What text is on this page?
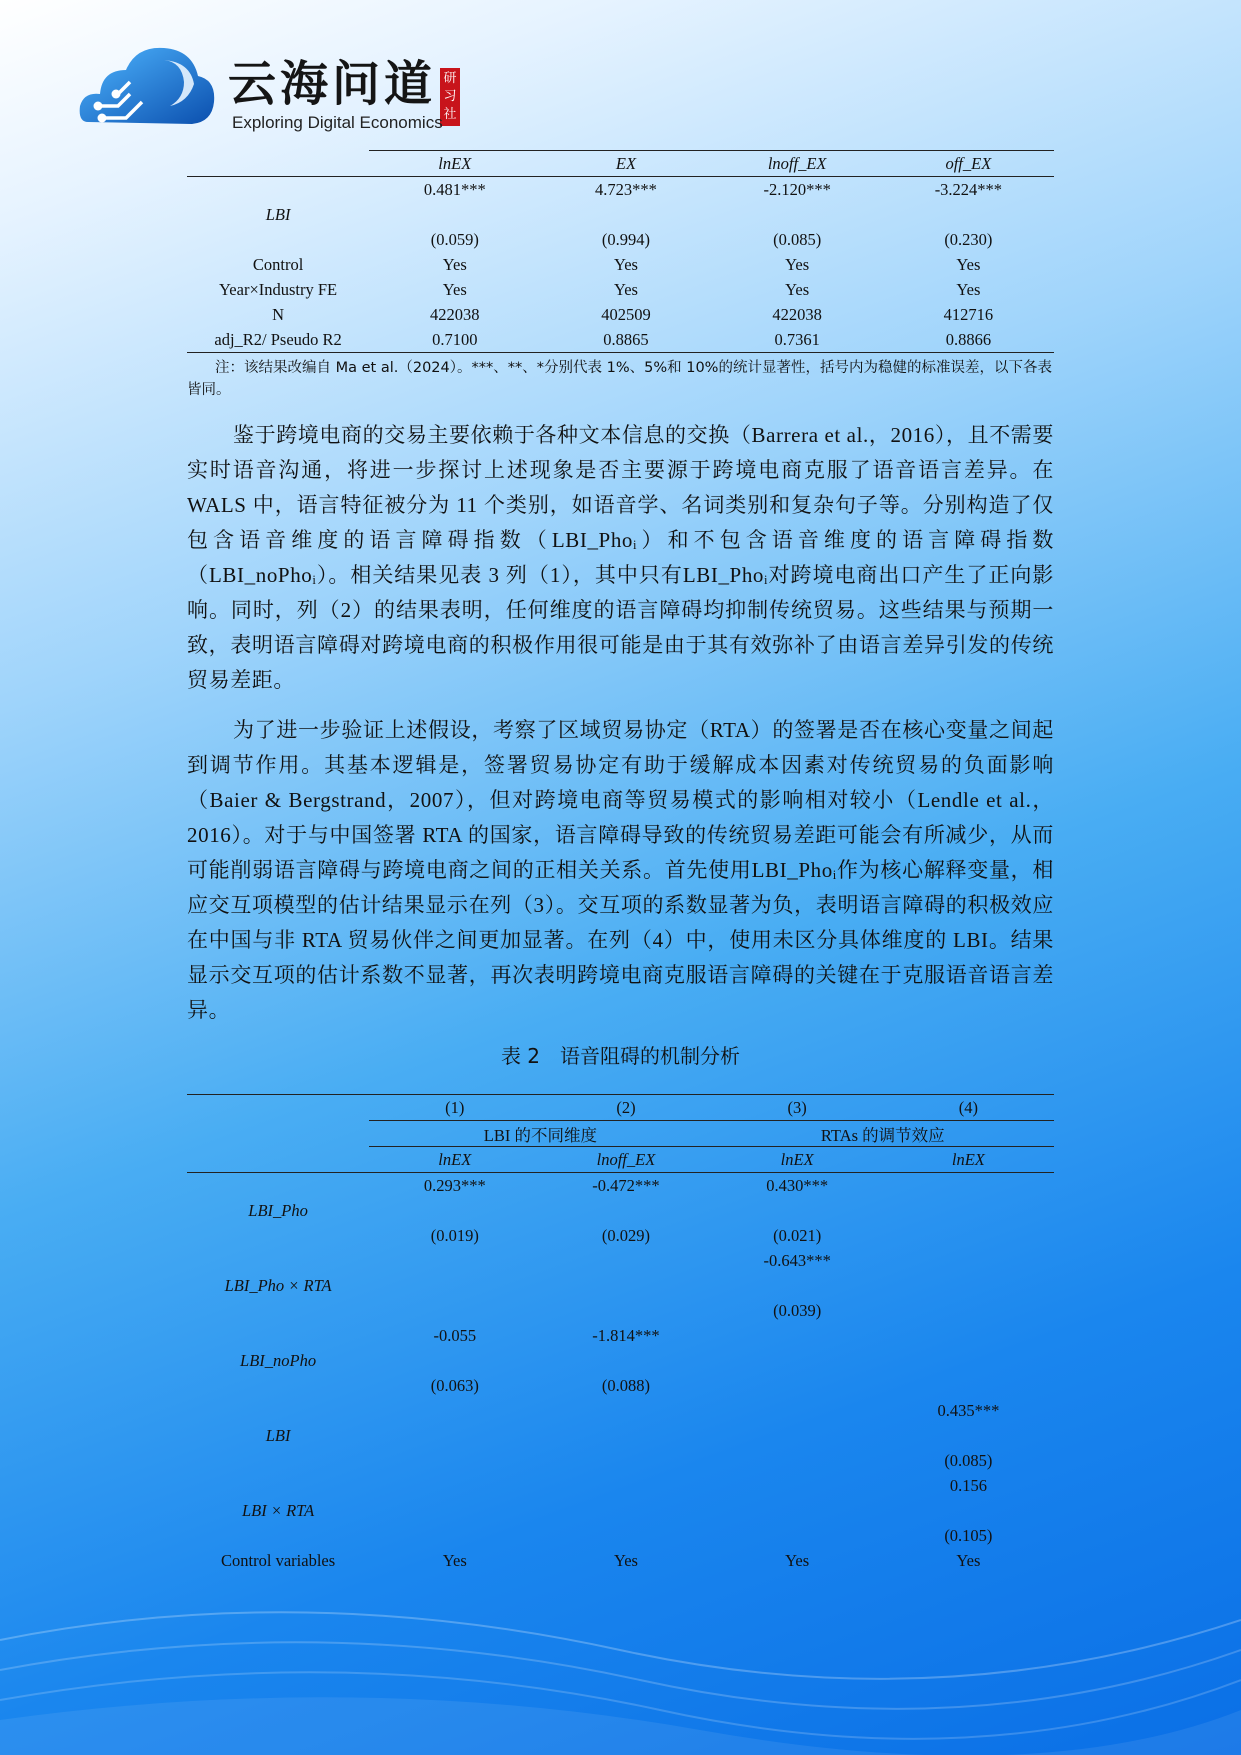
云海问道 研
习
社
Exploring Digital Economics
	lnEX	EX	lnoff_EX	off_EX
LBI	0.481***	4.723***	-2.120***	-3.224***

	(0.059)	(0.994)	(0.085)	(0.230)
Control	Yes	Yes	Yes	Yes
Year×Industry FE	Yes	Yes	Yes	Yes
N	422038	402509	422038	412716
adj_R2/ Pseudo R2	0.7100	0.8865	0.7361	0.8866
注：该结果改编自 Ma et al.（2024）。***、**、*分别代表 1%、5%和 10%的统计显著性，括号内为稳健的标准误差，以下各表皆同。

鉴于跨境电商的交易主要依赖于各种文本信息的交换（Barrera et al.，2016），且不需要实时语音沟通，将进一步探讨上述现象是否主要源于跨境电商克服了语音语言差异。在 WALS 中，语言特征被分为 11 个类别，如语音学、名词类别和复杂句子等。分别构造了仅包含语音维度的语言障碍指数（LBI_Phoᵢ）和不包含语音维度的语言障碍指数（LBI_noPhoᵢ）。相关结果见表 3 列（1），其中只有LBI_Phoᵢ对跨境电商出口产生了正向影响。同时，列（2）的结果表明，任何维度的语言障碍均抑制传统贸易。这些结果与预期一致，表明语言障碍对跨境电商的积极作用很可能是由于其有效弥补了由语言差异引发的传统贸易差距。

为了进一步验证上述假设，考察了区域贸易协定（RTA）的签署是否在核心变量之间起到调节作用。其基本逻辑是，签署贸易协定有助于缓解成本因素对传统贸易的负面影响（Baier & Bergstrand，2007），但对跨境电商等贸易模式的影响相对较小（Lendle et al.，2016）。对于与中国签署 RTA 的国家，语言障碍导致的传统贸易差距可能会有所减少，从而可能削弱语言障碍与跨境电商之间的正相关关系。首先使用LBI_Phoᵢ作为核心解释变量，相应交互项模型的估计结果显示在列（3）。交互项的系数显著为负，表明语言障碍的积极效应在中国与非 RTA 贸易伙伴之间更加显著。在列（4）中，使用未区分具体维度的 LBI。结果显示交互项的估计系数不显著，再次表明跨境电商克服语言障碍的关键在于克服语音语言差异。

表 2　语音阻碍的机制分析
	(1)	(2)	(3)	(4)
	LBI 的不同维度		RTAs 的调节效应	
	lnEX	lnoff_EX	lnEX	lnEX
LBI_Pho	0.293***	-0.472***	0.430***	

	(0.019)	(0.029)	(0.021)	
LBI_Pho × RTA			-0.643***	

			(0.039)	
LBI_noPho	-0.055	-1.814***		

	(0.063)	(0.088)		
LBI				0.435***

				(0.085)
LBI × RTA				0.156

				(0.105)
Control variables	Yes	Yes	Yes	Yes
